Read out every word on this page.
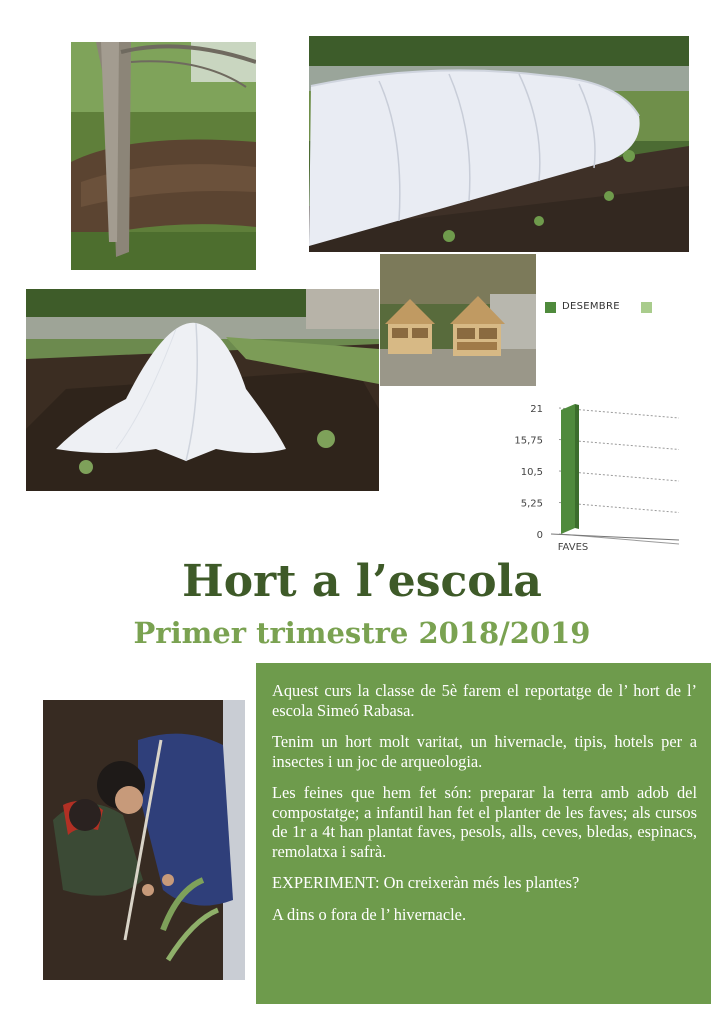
DESEMBRE
0
5,25
10,5
15,75
21
FAVES
Hort a l’escola
Primer trimestre 2018/2019

Aquest curs la classe de 5è farem el reportatge de l’ hort de l’ escola Simeó Rabasa.

Tenim un hort molt varitat, un hivernacle, tipis, hotels per a insectes i un joc de arqueologia.

Les feines que hem fet són: preparar la terra amb adob del compostatge; a infantil han fet el planter de les faves; als cursos de 1r a 4t han plantat faves, pesols, alls, ceves, bledas, espinacs, remolatxa i safrà.

EXPERIMENT: On creixeràn més les plantes?

A dins o fora de l’ hivernacle.
